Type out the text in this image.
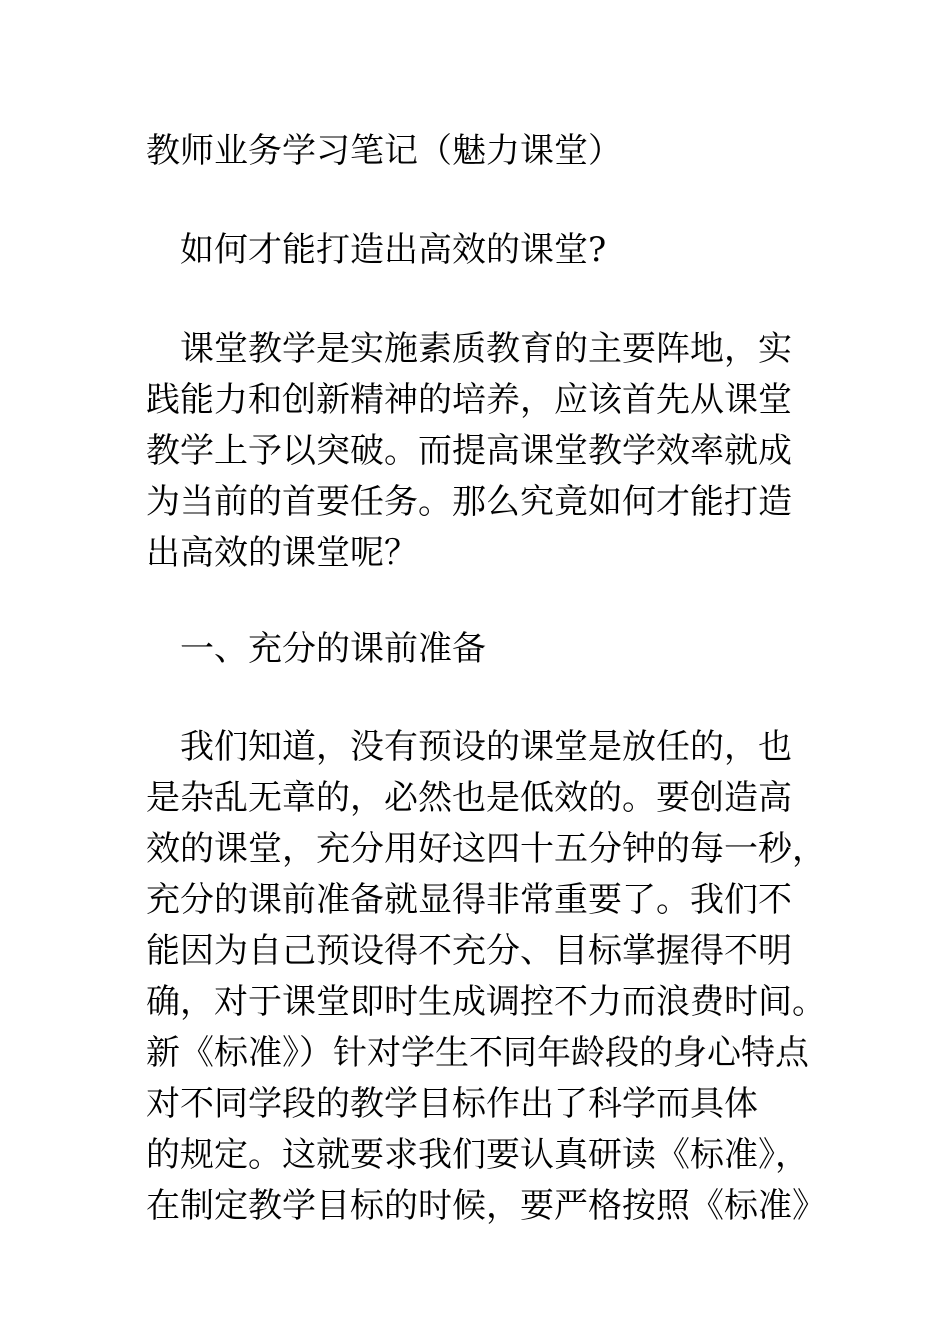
教师业务学习笔记（魅力课堂）

如何才能打造出高效的课堂?

课堂教学是实施素质教育的主要阵地，实
践能力和创新精神的培养，应该首先从课堂
教学上予以突破。而提高课堂教学效率就成
为当前的首要任务。那么究竟如何才能打造
出高效的课堂呢？

一、充分的课前准备

我们知道，没有预设的课堂是放任的，也
是杂乱无章的，必然也是低效的。要创造高
效的课堂，充分用好这四十五分钟的每一秒，
充分的课前准备就显得非常重要了。我们不
能因为自己预设得不充分、目标掌握得不明
确，对于课堂即时生成调控不力而浪费时间。
新《标准》）针对学生不同年龄段的身心特点
对不同学段的教学目标作出了科学而具体
的规定。这就要求我们要认真研读《标准》，
在制定教学目标的时候，要严格按照《标准》
